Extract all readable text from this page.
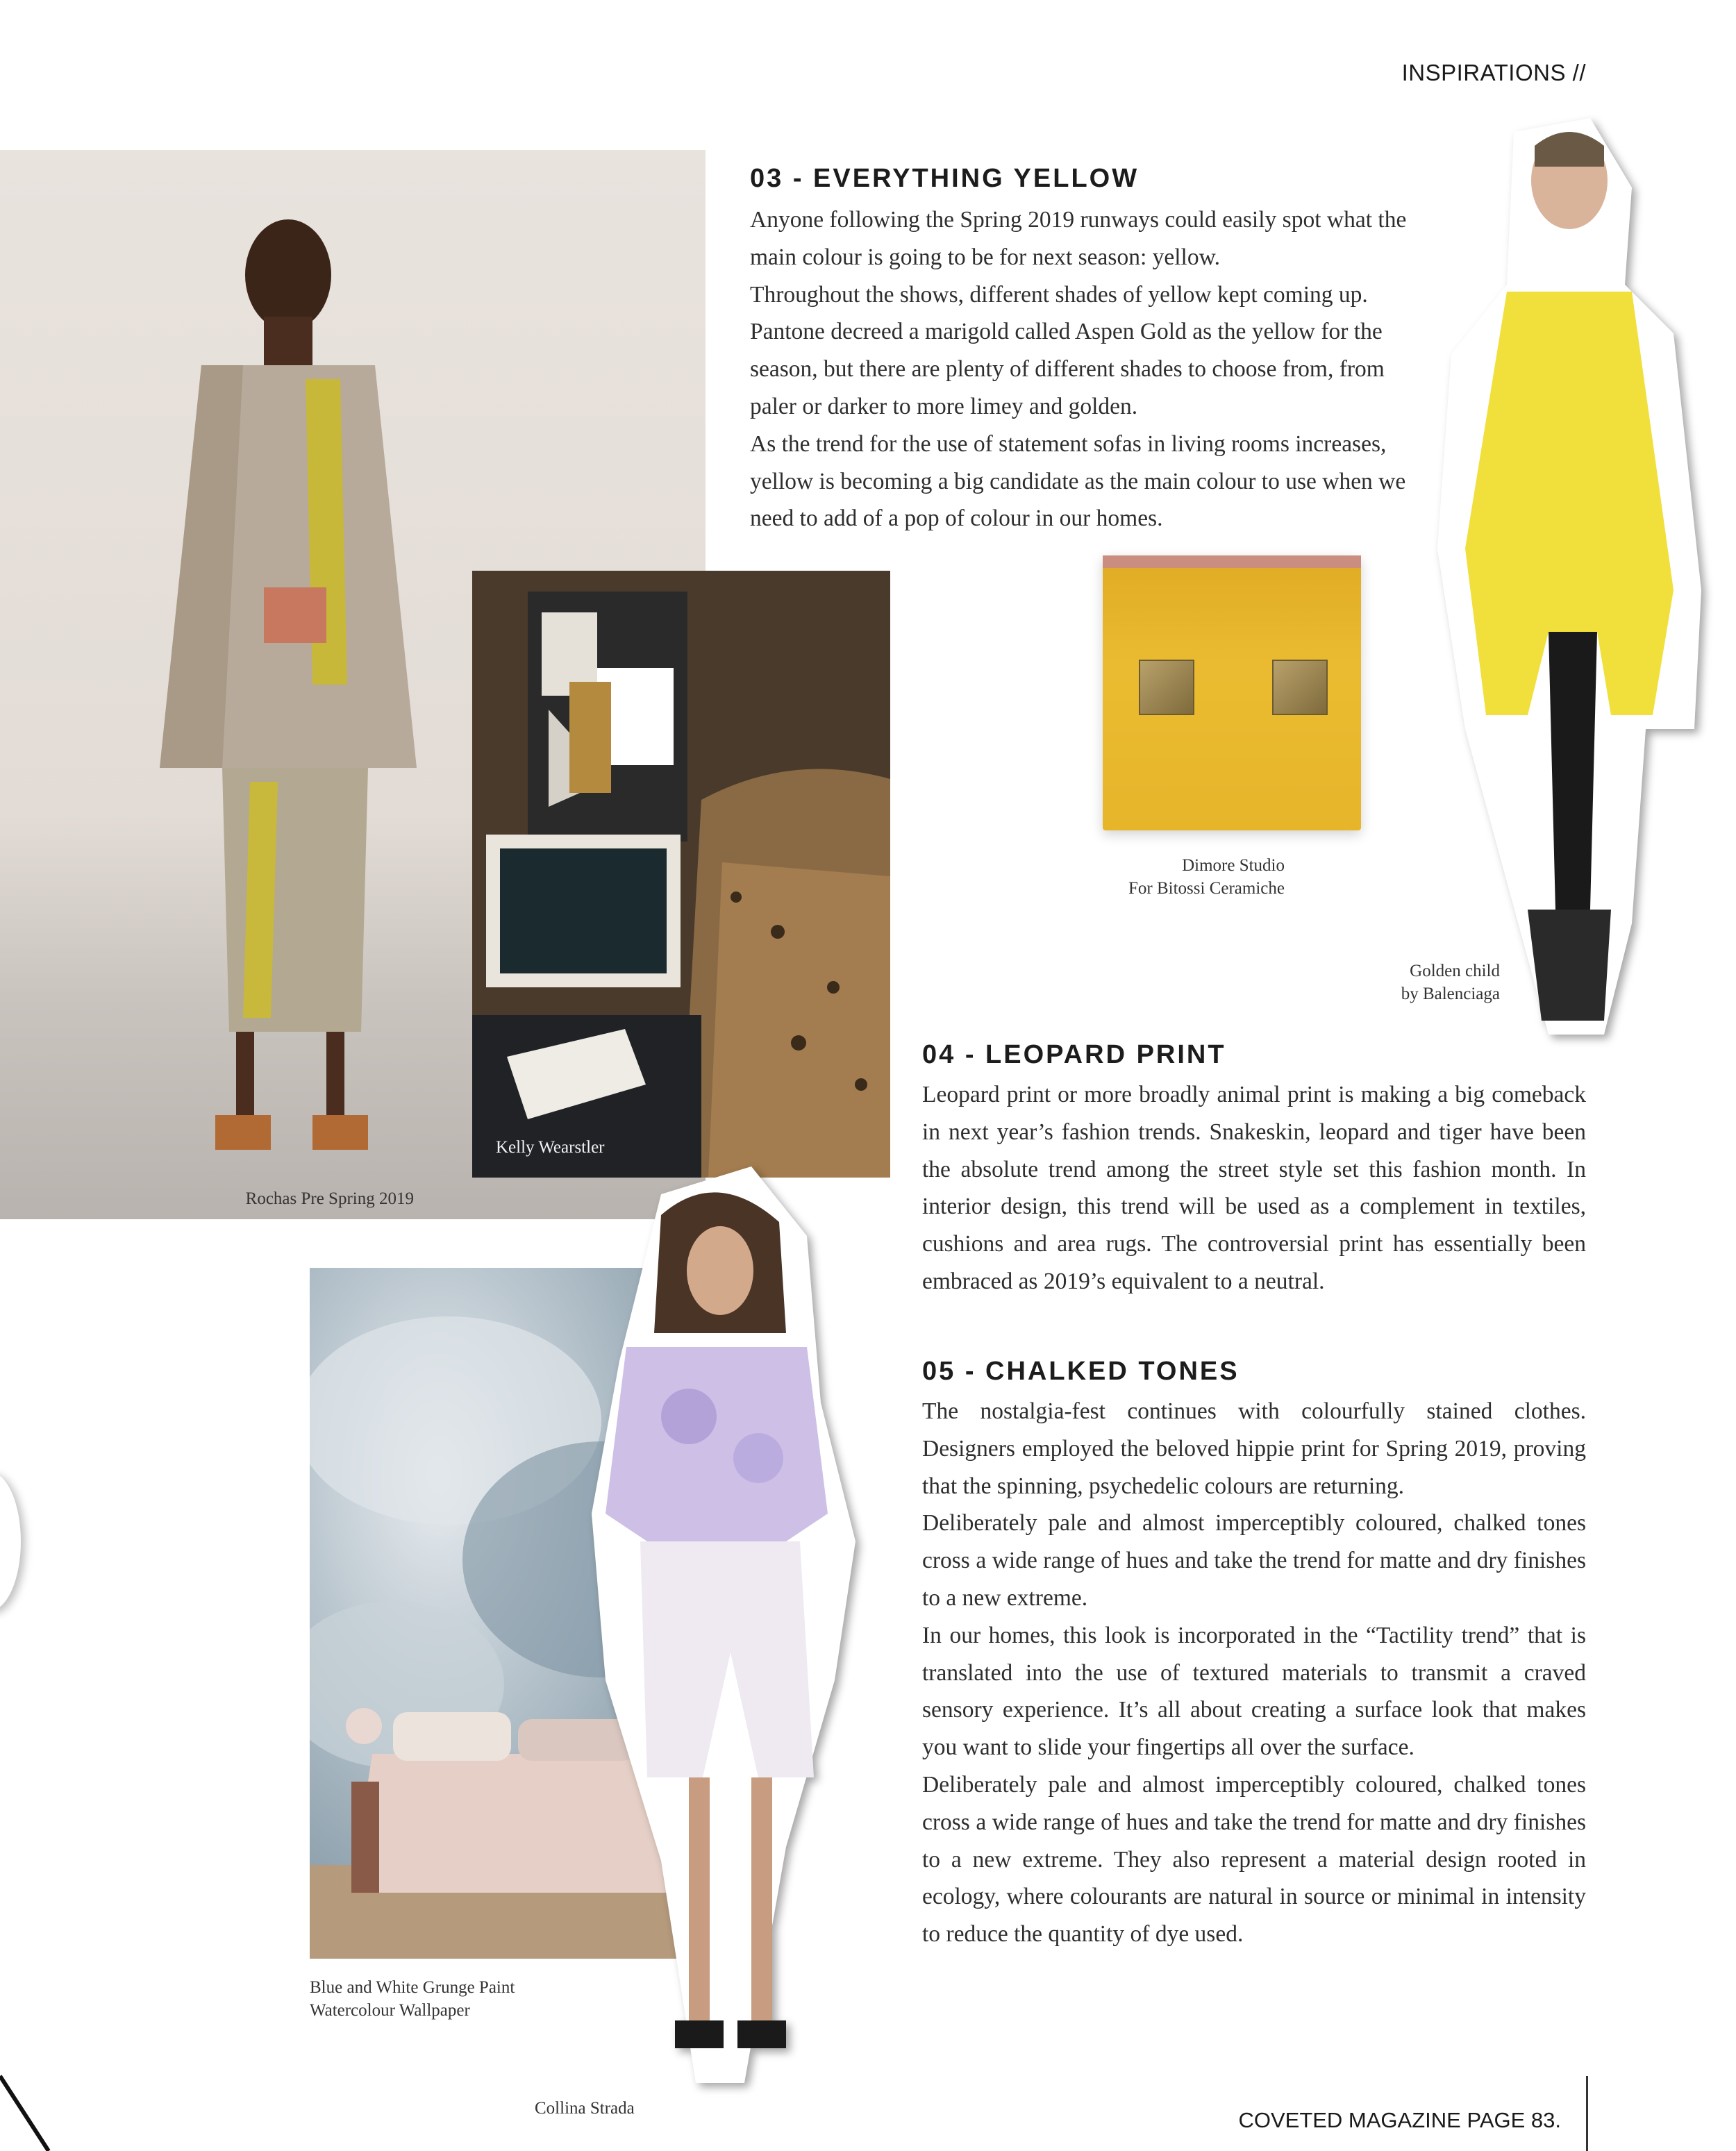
INSPIRATIONS //
Rochas Pre Spring 2019
Kelly Wearstler
03 - EVERYTHING YELLOW

Anyone following the Spring 2019 runways could easily spot what the main colour is going to be for next season: yellow.

Throughout the shows, different shades of yellow kept coming up. Pantone decreed a marigold called Aspen Gold as the yellow for the season, but there are plenty of different shades to choose from, from paler or darker to more limey and golden.

As the trend for the use of statement sofas in living rooms increases, yellow is becoming a big candidate as the main colour to use when we need to add of a pop of colour in our homes.

Dimore Studio
For Bitossi Ceramiche
Golden child
by Balenciaga
04 - LEOPARD PRINT

Leopard print or more broadly animal print is making a big comeback in next year’s fashion trends. Snakeskin, leopard and tiger have been the absolute trend among the street style set this fashion month. In interior design, this trend will be used as a complement in textiles, cushions and area rugs. The controversial print has essentially been embraced as 2019’s equivalent to a neutral.

Blue and White Grunge Paint
Watercolour Wallpaper
Collina Strada
05 - CHALKED TONES

The nostalgia-fest continues with colourfully stained clothes. Designers employed the beloved hippie print for Spring 2019, proving that the spinning, psychedelic colours are returning.

Deliberately pale and almost imperceptibly coloured, chalked tones cross a wide range of hues and take the trend for matte and dry finishes to a new extreme.

In our homes, this look is incorporated in the “Tactility trend” that is translated into the use of textured materials to transmit a craved sensory experience. It’s all about creating a surface look that makes you want to slide your fingertips all over the surface.

Deliberately pale and almost imperceptibly coloured, chalked tones cross a wide range of hues and take the trend for matte and dry finishes to a new extreme. They also represent a material design rooted in ecology, where colourants are natural in source or minimal in intensity to reduce the quantity of dye used.

COVETED MAGAZINE PAGE 83.
